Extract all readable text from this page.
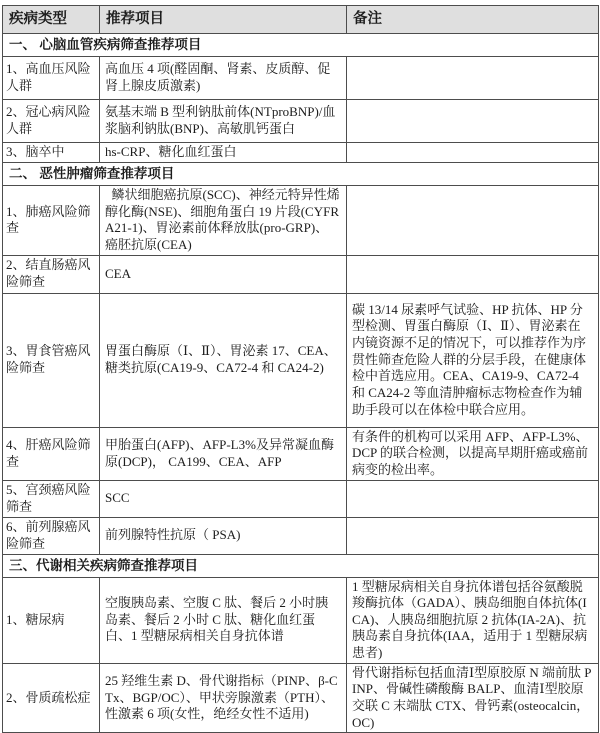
疾病类型	推荐项目	备注
一、 心脑血管疾病筛查推荐项目		
1、高血压风险人群	高血压 4 项(醛固酮、肾素、皮质醇、促肾上腺皮质激素)	
2、冠心病风险人群	氨基末端 B 型利钠肽前体(NTproBNP)/血浆脑利钠肽(BNP)、高敏肌钙蛋白	
3、脑卒中	hs-CRP、糖化血红蛋白	
二、 恶性肿瘤筛查推荐项目		
1、肺癌风险筛查	鳞状细胞癌抗原(SCC)、神经元特异性烯醇化酶(NSE)、细胞角蛋白 19 片段(CYFRA21-1)、胃泌素前体释放肽(pro-GRP)、癌胚抗原(CEA)	
2、结直肠癌风险筛查	CEA	
3、胃食管癌风险筛查	胃蛋白酶原（Ⅰ、Ⅱ）、胃泌素 17、CEA、糖类抗原(CA19-9、CA72-4 和 CA24-2)	碳 13/14 尿素呼气试验、HP 抗体、HP 分型检测、胃蛋白酶原（Ⅰ、Ⅱ）、胃泌素在内镜资源不足的情况下，可以推荐作为序贯性筛查危险人群的分层手段，在健康体检中首选应用。CEA、CA19-9、CA72-4 和 CA24-2 等血清肿瘤标志物检查作为辅助手段可以在体检中联合应用。
4、肝癌风险筛查	甲胎蛋白(AFP)、AFP-L3%及异常凝血酶原(DCP)， CA199、CEA、AFP	有条件的机构可以采用 AFP、AFP-L3%、DCP 的联合检测，以提高早期肝癌或癌前病变的检出率。
5、宫颈癌风险筛查	SCC	
6、前列腺癌风险筛查	前列腺特性抗原（ PSA)	
三、代谢相关疾病筛查推荐项目		
1、糖尿病	空腹胰岛素、空腹 C 肽、餐后 2 小时胰岛素、餐后 2 小时 C 肽、糖化血红蛋白、1 型糖尿病相关自身抗体谱	1 型糖尿病相关自身抗体谱包括谷氨酸脱羧酶抗体（GADA）、胰岛细胞自体抗体(ICA)、人胰岛细胞抗原 2 抗体(IA-2A)、抗胰岛素自身抗体(IAA，适用于 1 型糖尿病患者)
2、骨质疏松症	25 羟维生素 D、骨代谢指标（PINP、β-CTx、BGP/OC）、甲状旁腺激素（PTH）、性激素 6 项(女性，绝经女性不适用)	骨代谢指标包括血清Ⅰ型原胶原 N 端前肽 PINP、骨碱性磷酸酶 BALP、血清Ⅰ型胶原交联 C 末端肽 CTX、骨钙素(osteocalcin，OC)
